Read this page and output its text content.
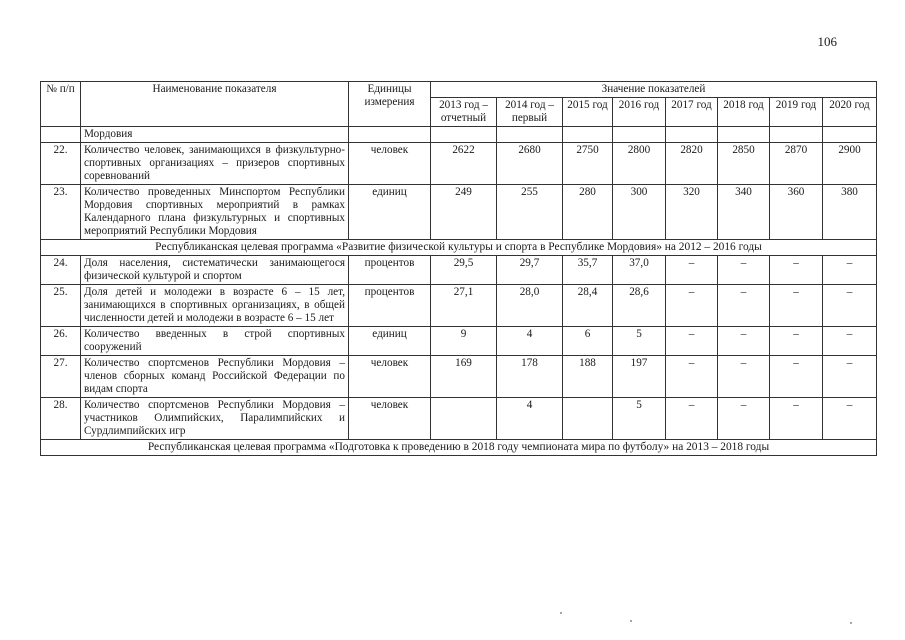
106
№ п/п	Наименование показателя	Единицы измерения	Значение показателей							
			2013 год – отчетный	2014 год – первый	2015 год	2016 год	2017 год	2018 год	2019 год	2020 год
	Мордовия									
22.	Количество человек, занимающихся в физкультурно-спортивных организациях – призеров спортивных соревнований	человек	2622	2680	2750	2800	2820	2850	2870	2900
23.	Количество проведенных Минспортом Республики Мордовия спортивных мероприятий в рамках Календарного плана физкультурных и спортивных мероприятий Республики Мордовия	единиц	249	255	280	300	320	340	360	380
Республиканская целевая программа «Развитие физической культуры и спорта в Республике Мордовия» на 2012 – 2016 годы										
24.	Доля населения, систематически занимающегося физической культурой и спортом	процентов	29,5	29,7	35,7	37,0	–	–	–	–
25.	Доля детей и молодежи в возрасте 6 – 15 лет, занимающихся в спортивных организациях, в общей численности детей и молодежи в возрасте 6 – 15 лет	процентов	27,1	28,0	28,4	28,6	–	–	–	–
26.	Количество введенных в строй спортивных сооружений	единиц	9	4	6	5	–	–	–	–
27.	Количество спортсменов Республики Мордовия – членов сборных команд Российской Федерации по видам спорта	человек	169	178	188	197	–	–	–	–
28.	Количество спортсменов Республики Мордовия – участников Олимпийских, Паралимпийских и Сурдлимпийских игр	человек		4		5	–	–	–	–
Республиканская целевая программа «Подготовка к проведению в 2018 году чемпионата мира по футболу» на 2013 – 2018 годы										
